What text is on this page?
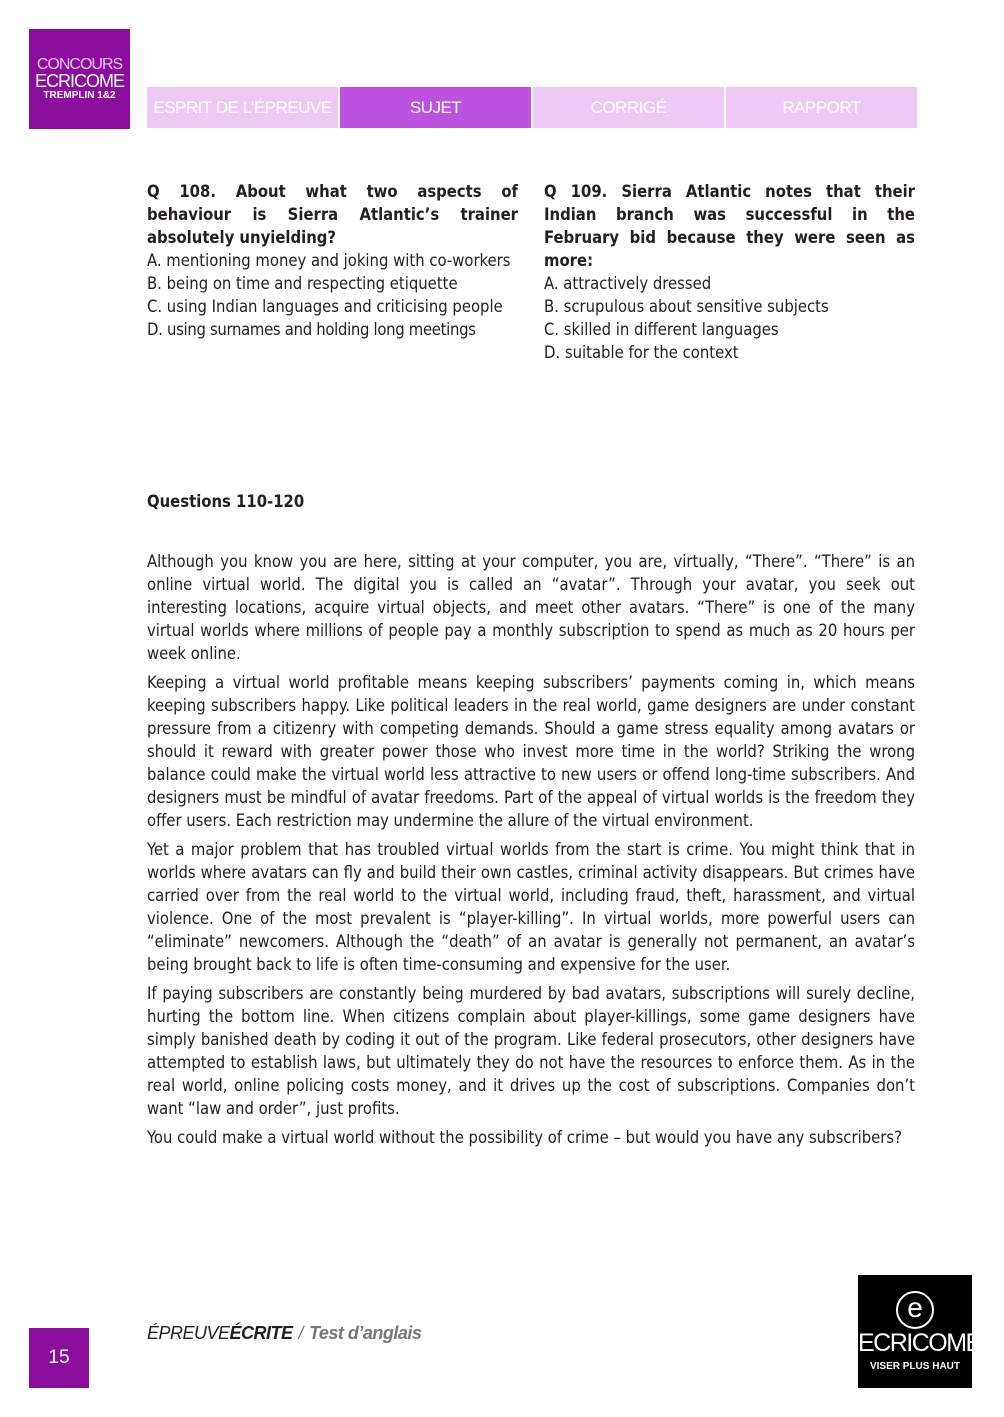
CONCOURS
ECRICOME
TREMPLIN 1&2
ESPRIT DE L’ÉPREUVE	SUJET	CORRIGÉ	RAPPORT
Q 108. About what two aspects of behaviour is Sierra Atlantic’s trainer absolutely unyielding?
A. mentioning money and joking with co-workers
B. being on time and respecting etiquette
C. using Indian languages and criticising people
D. using surnames and holding long meetings
Q 109. Sierra Atlantic notes that their Indian branch was successful in the February bid because they were seen as more:
A. attractively dressed
B. scrupulous about sensitive subjects
C. skilled in different languages
D. suitable for the context
Questions 110-120

Although you know you are here, sitting at your computer, you are, virtually, “There”. “There” is an online virtual world. The digital you is called an “avatar”. Through your avatar, you seek out interesting locations, acquire virtual objects, and meet other avatars. “There” is one of the many virtual worlds where millions of people pay a monthly subscription to spend as much as 20 hours per week online.

Keeping a virtual world profitable means keeping subscribers’ payments coming in, which means keeping subscribers happy. Like political leaders in the real world, game designers are under constant pressure from a citizenry with competing demands. Should a game stress equality among avatars or should it reward with greater power those who invest more time in the world? Striking the wrong balance could make the virtual world less attractive to new users or offend long-time subscribers. And designers must be mindful of avatar freedoms. Part of the appeal of virtual worlds is the freedom they offer users. Each restriction may undermine the allure of the virtual environment.

Yet a major problem that has troubled virtual worlds from the start is crime. You might think that in worlds where avatars can fly and build their own castles, criminal activity disappears. But crimes have carried over from the real world to the virtual world, including fraud, theft, harassment, and virtual violence. One of the most prevalent is “player-killing”. In virtual worlds, more powerful users can “eliminate” newcomers. Although the “death” of an avatar is generally not permanent, an avatar’s being brought back to life is often time-consuming and expensive for the user.

If paying subscribers are constantly being murdered by bad avatars, subscriptions will surely decline, hurting the bottom line. When citizens complain about player-killings, some game designers have simply banished death by coding it out of the program. Like federal prosecutors, other designers have attempted to establish laws, but ultimately they do not have the resources to enforce them. As in the real world, online policing costs money, and it drives up the cost of subscriptions. Companies don’t want “law and order”, just profits.

You could make a virtual world without the possibility of crime – but would you have any subscribers?

15
ÉPREUVEÉCRITE / Test d’anglais
e
ECRICOME
VISER PLUS HAUT
